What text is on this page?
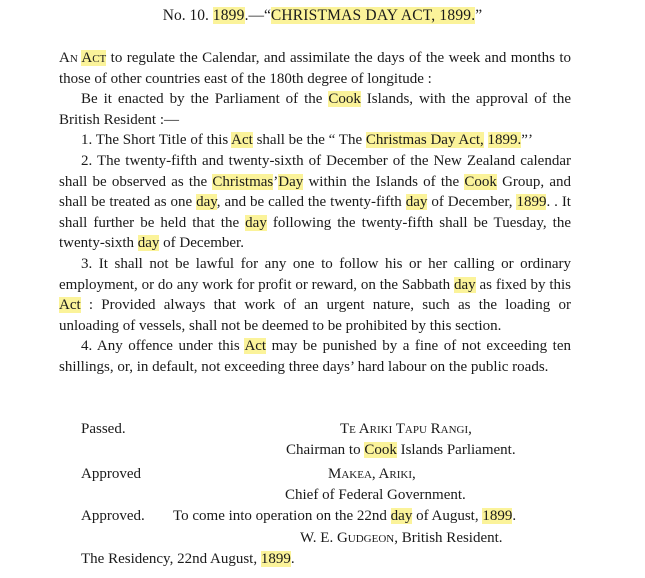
No. 10. 1899.—“CHRISTMAS DAY ACT, 1899.”

An Act to regulate the Calendar, and assimilate the days of the week and months to those of other countries east of the 180th degree of longitude :

Be it enacted by the Parliament of the Cook Islands, with the approval of the British Resident :—

1. The Short Title of this Act shall be the “ The Christmas Day Act, 1899.”’

2. The twenty-fifth and twenty-sixth of December of the New Zealand calendar shall be observed as the Christmas’Day within the Islands of the Cook Group, and shall be treated as one day, and be called the twenty-fifth day of December, 1899. . It shall further be held that the day following the twenty-fifth shall be Tuesday, the twenty-sixth day of December.

3. It shall not be lawful for any one to follow his or her calling or ordinary employment, or do any work for profit or reward, on the Sabbath day as fixed by this Act : Provided always that work of an urgent nature, such as the loading or unloading of vessels, shall not be deemed to be prohibited by this section.

4. Any offence under this Act may be punished by a fine of not exceeding ten shillings, or, in default, not exceeding three days’ hard labour on the public roads.

Passed.	Te Ariki Tapu Rangi,
Chairman to Cook Islands Parliament.
Approved	Makea, Ariki,
Chief of Federal Government.
Approved. To come into operation on the 22nd day of August, 1899.
W. E. Gudgeon, British Resident.
The Residency, 22nd August, 1899.
